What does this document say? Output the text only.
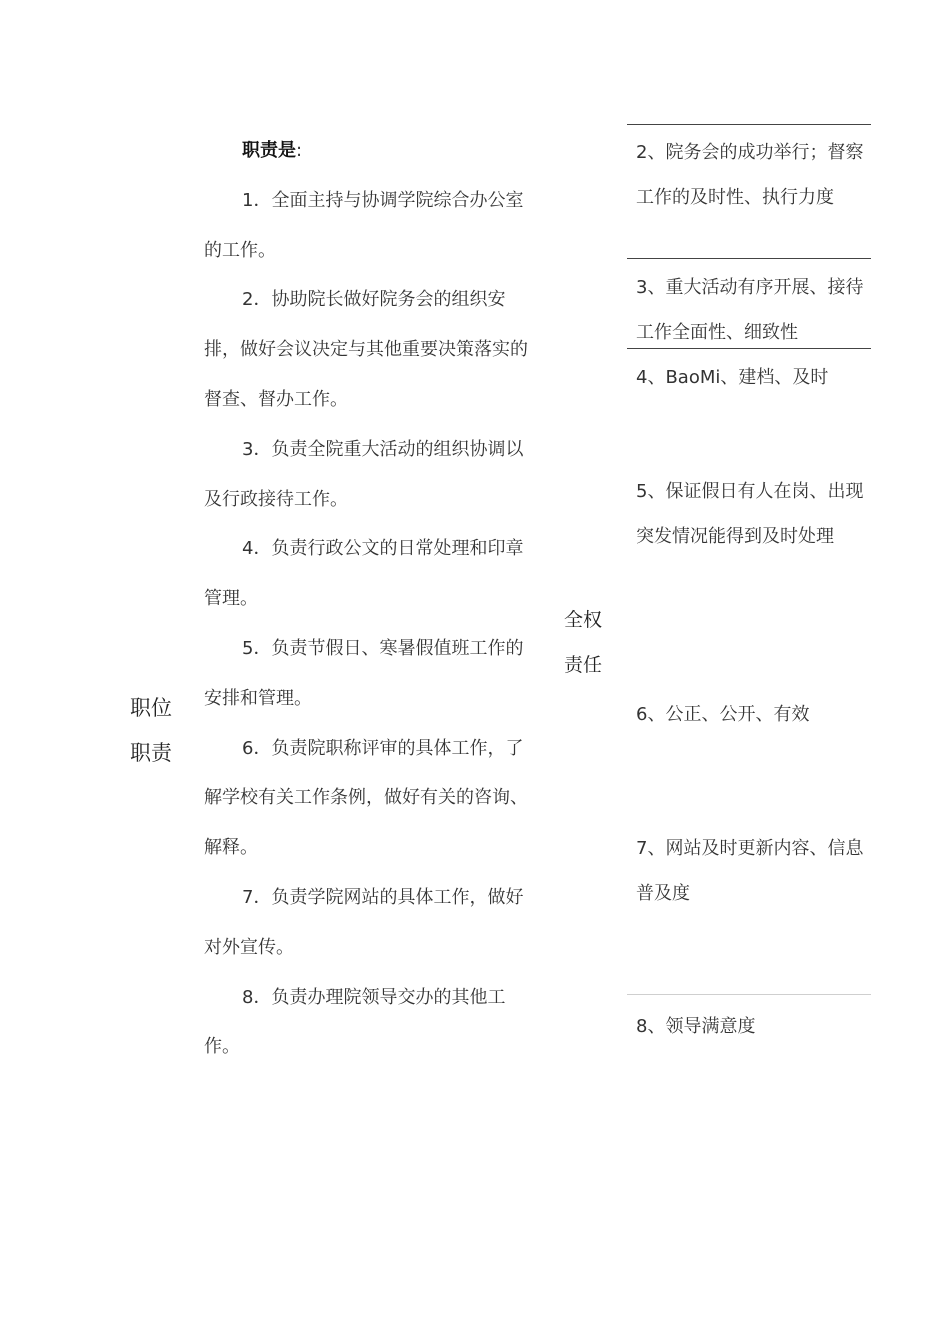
职位
职责

职责是:

1．全面主持与协调学院综合办公室的工作。

2．协助院长做好院务会的组织安排，做好会议决定与其他重要决策落实的督查、督办工作。

3．负责全院重大活动的组织协调以及行政接待工作。

4．负责行政公文的日常处理和印章管理。

5．负责节假日、寒暑假值班工作的安排和管理。

6．负责院职称评审的具体工作，了解学校有关工作条例，做好有关的咨询、解释。

7．负责学院网站的具体工作，做好对外宣传。

8．负责办理院领导交办的其他工作。

全权
责任
2、院务会的成功举行；督察工作的及时性、执行力度
3、重大活动有序开展、接待工作全面性、细致性
4、BaoMi、建档、及时
5、保证假日有人在岗、出现突发情况能得到及时处理
6、公正、公开、有效
7、网站及时更新内容、信息普及度
8、领导满意度
